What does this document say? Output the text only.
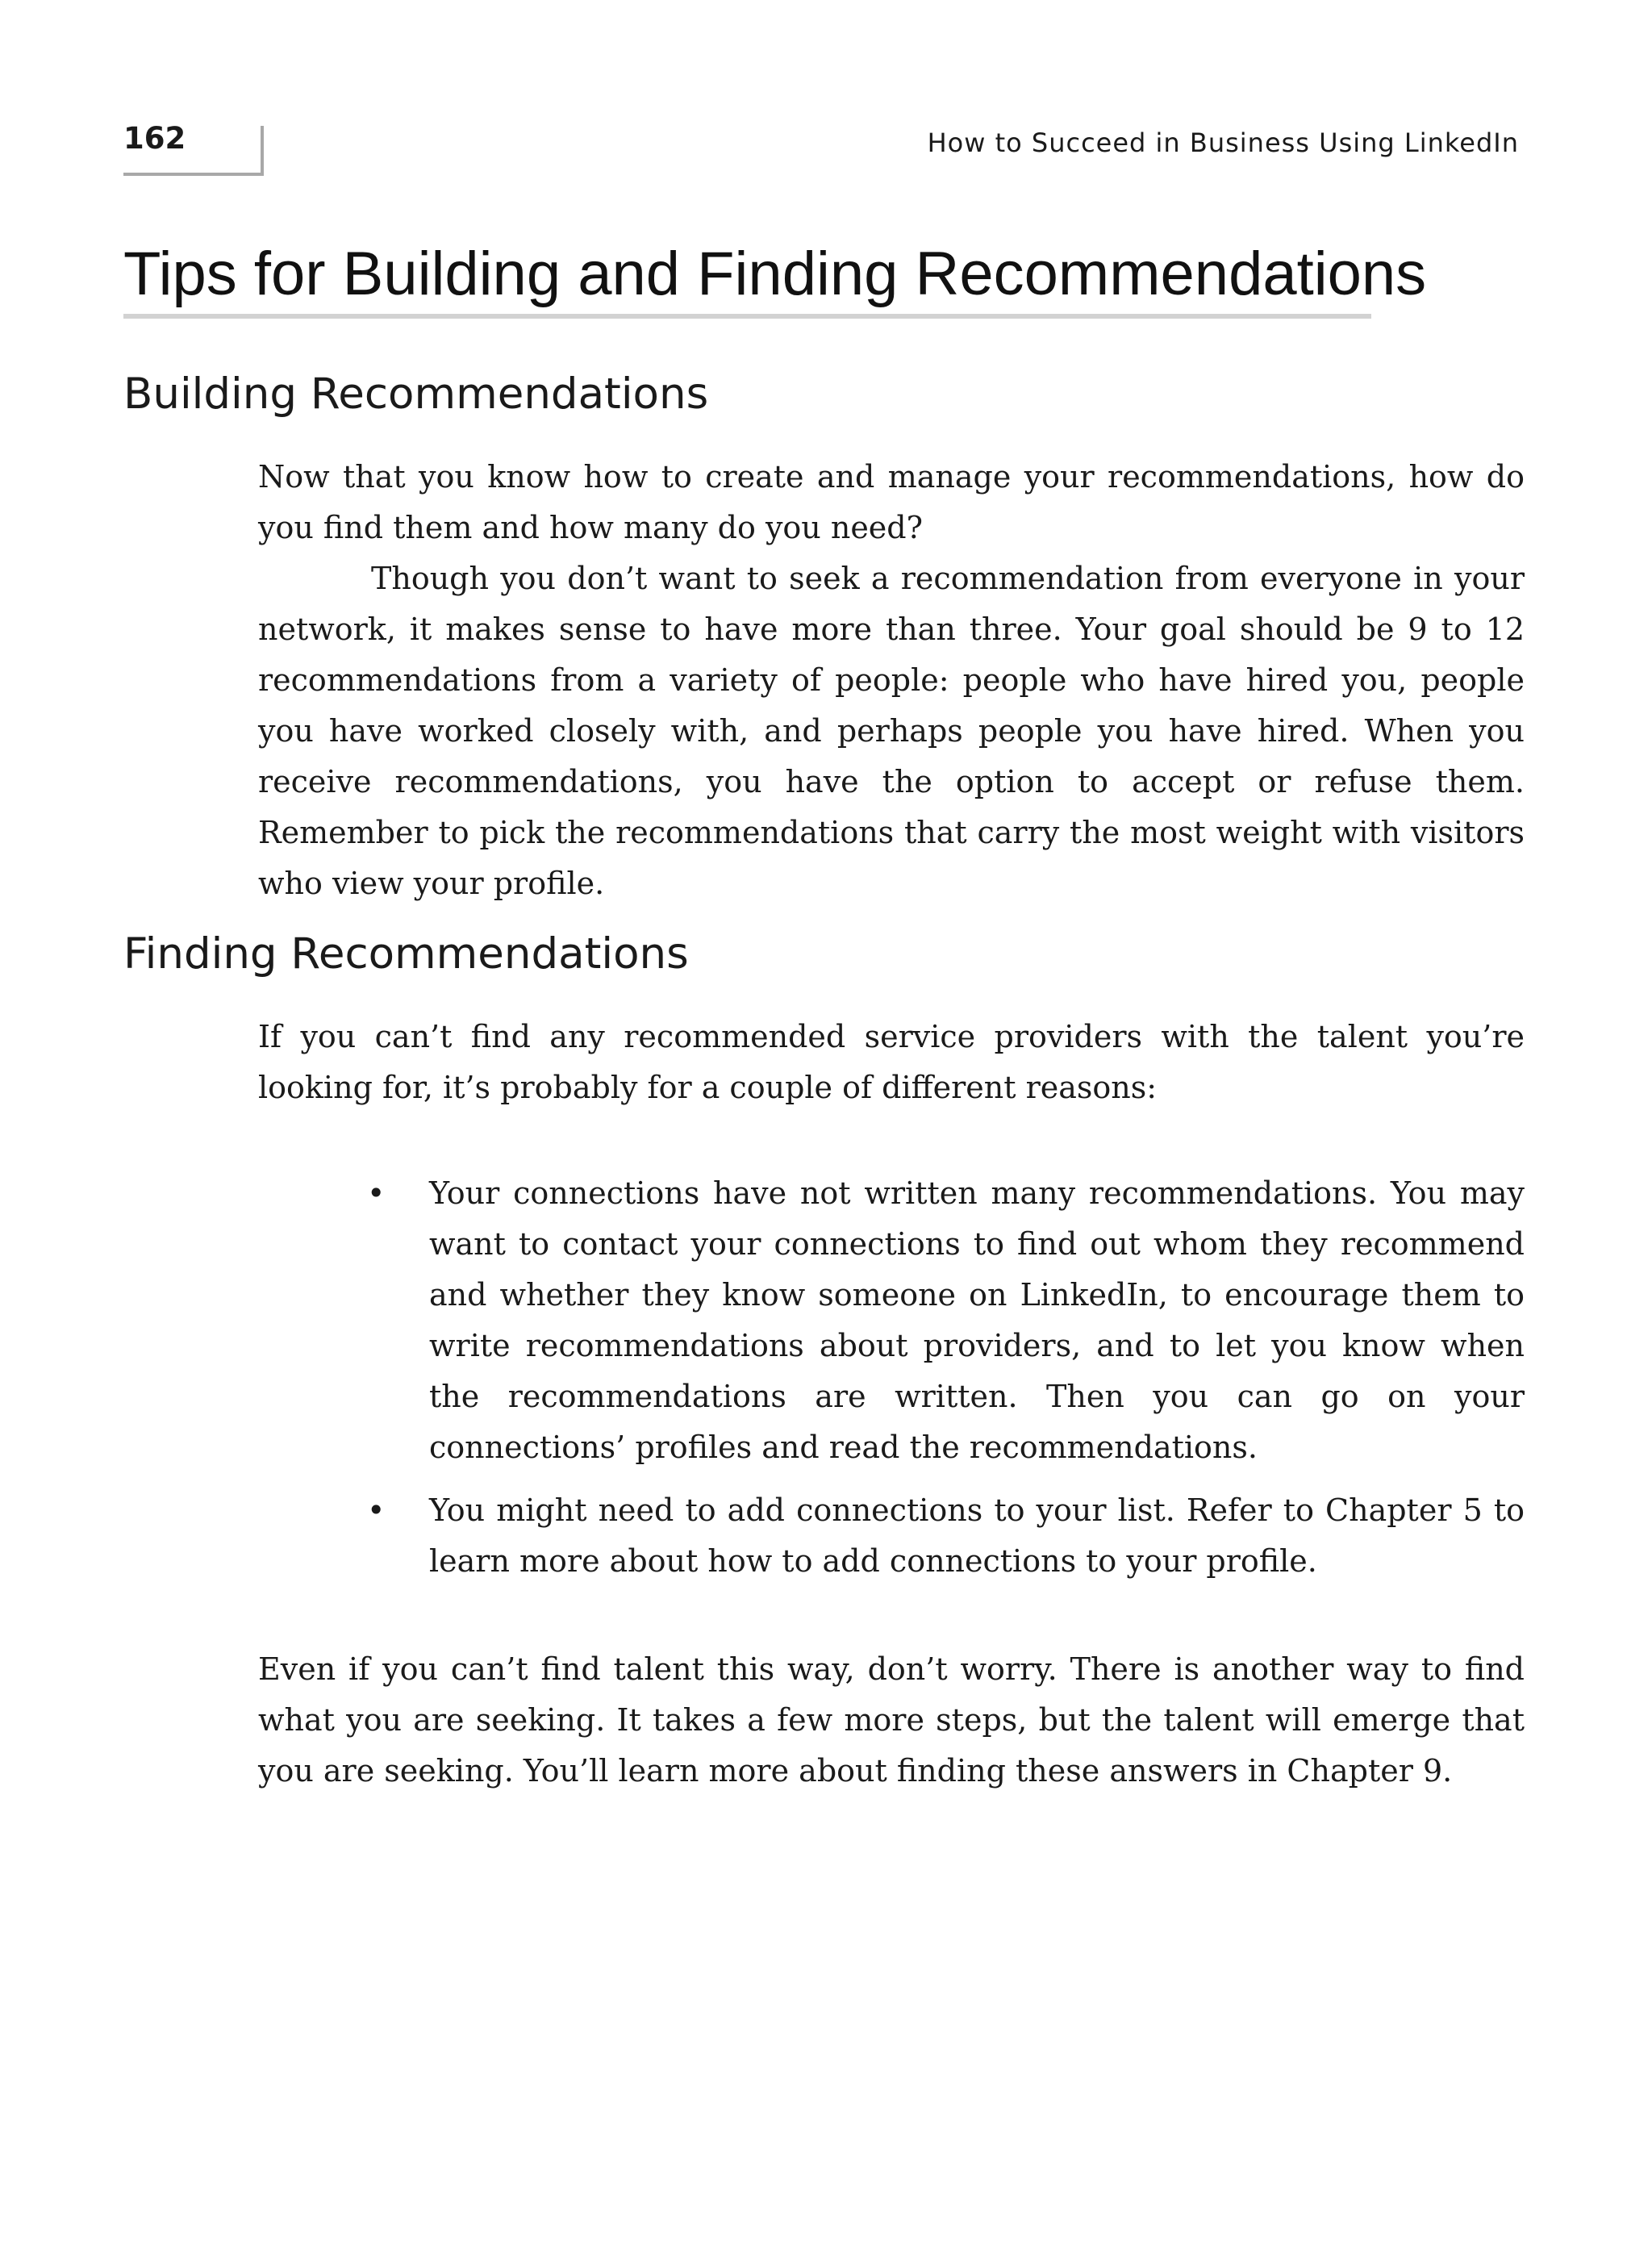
162	How to Succeed in Business Using LinkedIn
Tips for Building and Finding Recommendations
Building Recommendations

Now that you know how to create and manage your recommendations, how do you find them and how many do you need?

Though you don’t want to seek a recommendation from everyone in your network, it makes sense to have more than three. Your goal should be 9 to 12 recommendations from a variety of people: people who have hired you, people you have worked closely with, and perhaps people you have hired. When you receive recommendations, you have the option to accept or refuse them. Remember to pick the recommendations that carry the most weight with visitors who view your profile.

Finding Recommendations

If you can’t find any recommended service providers with the talent you’re looking for, it’s probably for a couple of different reasons:

• Your connections have not written many recommendations. You may want to contact your connections to find out whom they recommend and whether they know someone on LinkedIn, to encourage them to write recommendations about providers, and to let you know when the recommendations are written. Then you can go on your connections’ profiles and read the recommendations.
• You might need to add connections to your list. Refer to Chapter 5 to learn more about how to add connections to your profile.

Even if you can’t find talent this way, don’t worry. There is another way to find what you are seeking. It takes a few more steps, but the talent will emerge that you are seeking. You’ll learn more about finding these answers in Chapter 9.
